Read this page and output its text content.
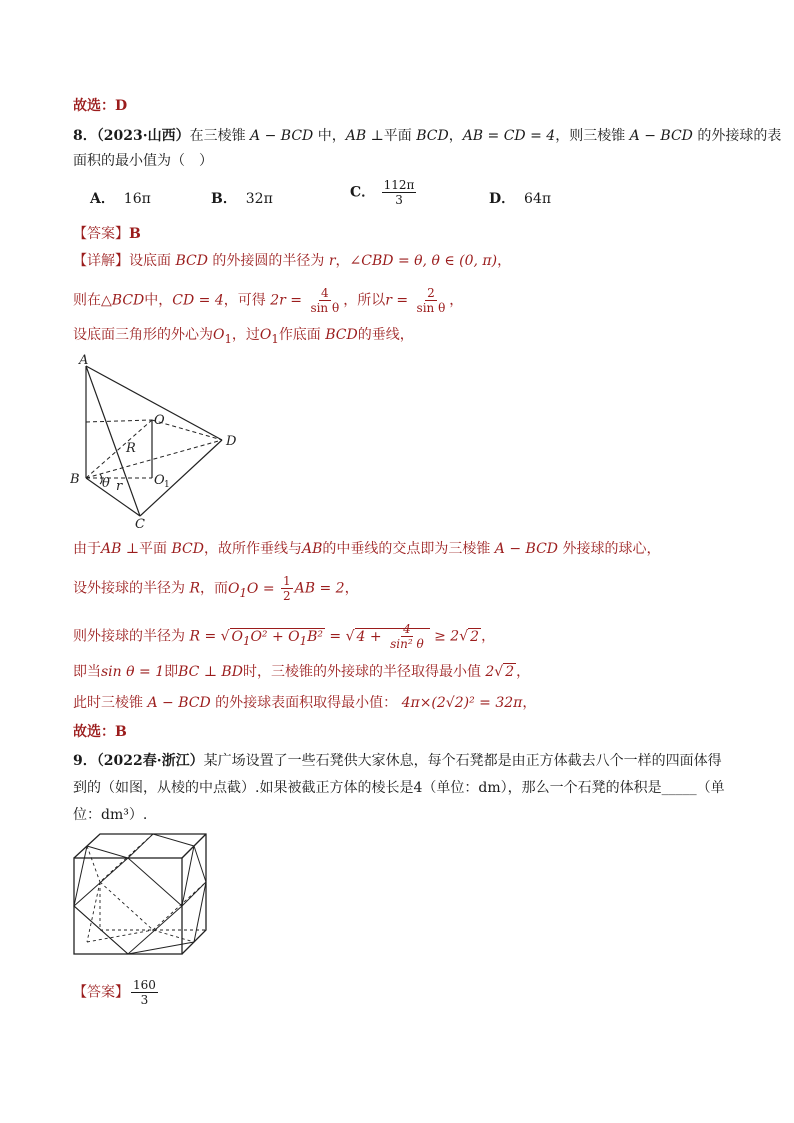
故选：D
8．（2023·山西）在三棱锥 A − BCD 中，AB ⊥平面 BCD，AB = CD = 4，则三棱锥 A − BCD 的外接球的表
面积的最小值为（　）
A． 16π	B． 32π	C． $\frac{112\pi}{3}$	D． 64π
【答案】B
【详解】设底面 BCD 的外接圆的半径为 r，∠CBD = θ, θ ∈ (0, π)，
则在△BCD中，CD = 4，可得 $2r = \frac{4}{\text{sin θ}}$ ，所以$r = \frac{2}{\text{sin θ}}$ ，
设底面三角形的外心为$O_1$，过$O_1$作底面 BCD的垂线，
A
B
C
D
O
R
O 1
θ r
由于AB ⊥平面 BCD，故所作垂线与AB的中垂线的交点即为三棱锥 A − BCD 外接球的球心，
设外接球的半径为 R，而$O_1O = \frac{1}{2}$ AB = 2，
则外接球的半径为 R = √ $O_1O^2 + O_1B^2$ = √ $4 + \frac{4}{\text{sin² θ}} \ge 2√$ 2 ，
即当sin θ = 1即BC ⊥ BD时，三棱锥的外接球的半径取得最小值 2√ 2 ，
此时三棱锥 A − BCD 的外接球表面积取得最小值： 4π×(2√2)² = 32π，
故选：B
9．（2022春·浙江）某广场设置了一些石凳供大家休息，每个石凳都是由正方体截去八个一样的四面体得
到的（如图，从棱的中点截）.如果被截正方体的棱长是4（单位：dm），那么一个石凳的体积是_____（单
位：dm³）.
【答案】 $\frac{160}{3}$
